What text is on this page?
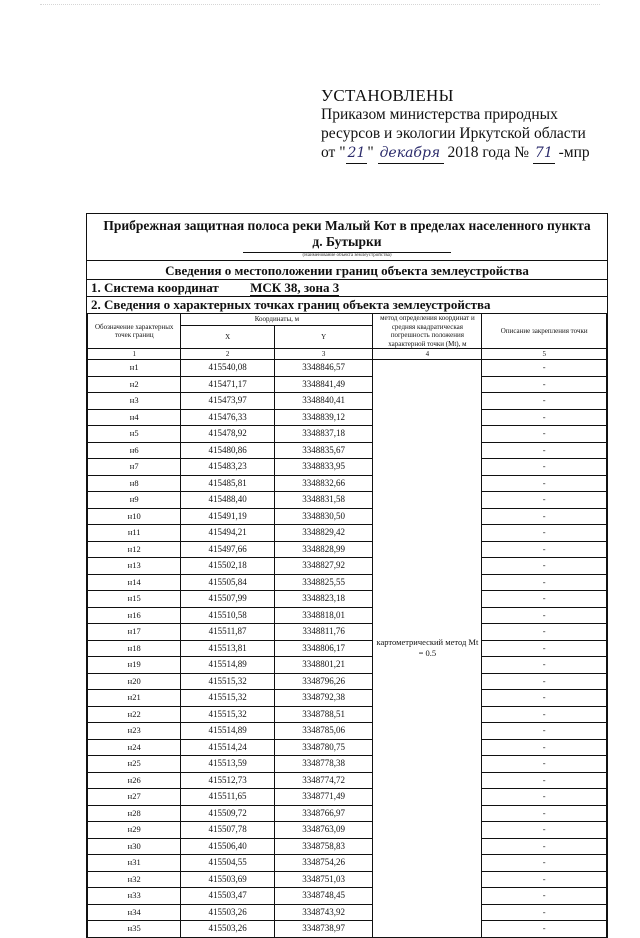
УСТАНОВЛЕНЫ
Приказом министерства природных
ресурсов и экологии Иркутской области
от " 21 " декабря 2018 года № 71 -мпр
Прибрежная защитная полоса реки Малый Кот в пределах населенного пункта д. Бутырки
(Наименование объекта землеустройства)
Сведения о местоположении границ объекта землеустройства
1. Система координат МСК 38, зона 3
2. Сведения о характерных точках границ объекта землеустройства
Обозначение характерных точек границ	Координаты, м		метод определения координат и средняя квадратическая погрешность положения характерной точки (Mt), м	Описание закрепления точки
	X	Y		
1	2	3	4	5
н1	415540,08	3348846,57	картометрический метод Mt = 0.5	-
н2	415471,17	3348841,49		-
н3	415473,97	3348840,41		-
н4	415476,33	3348839,12		-
н5	415478,92	3348837,18		-
н6	415480,86	3348835,67		-
н7	415483,23	3348833,95		-
н8	415485,81	3348832,66		-
н9	415488,40	3348831,58		-
н10	415491,19	3348830,50		-
н11	415494,21	3348829,42		-
н12	415497,66	3348828,99		-
н13	415502,18	3348827,92		-
н14	415505,84	3348825,55		-
н15	415507,99	3348823,18		-
н16	415510,58	3348818,01		-
н17	415511,87	3348811,76		-
н18	415513,81	3348806,17		-
н19	415514,89	3348801,21		-
н20	415515,32	3348796,26		-
н21	415515,32	3348792,38		-
н22	415515,32	3348788,51		-
н23	415514,89	3348785,06		-
н24	415514,24	3348780,75		-
н25	415513,59	3348778,38		-
н26	415512,73	3348774,72		-
н27	415511,65	3348771,49		-
н28	415509,72	3348766,97		-
н29	415507,78	3348763,09		-
н30	415506,40	3348758,83		-
н31	415504,55	3348754,26		-
н32	415503,69	3348751,03		-
н33	415503,47	3348748,45		-
н34	415503,26	3348743,92		-
н35	415503,26	3348738,97		-
